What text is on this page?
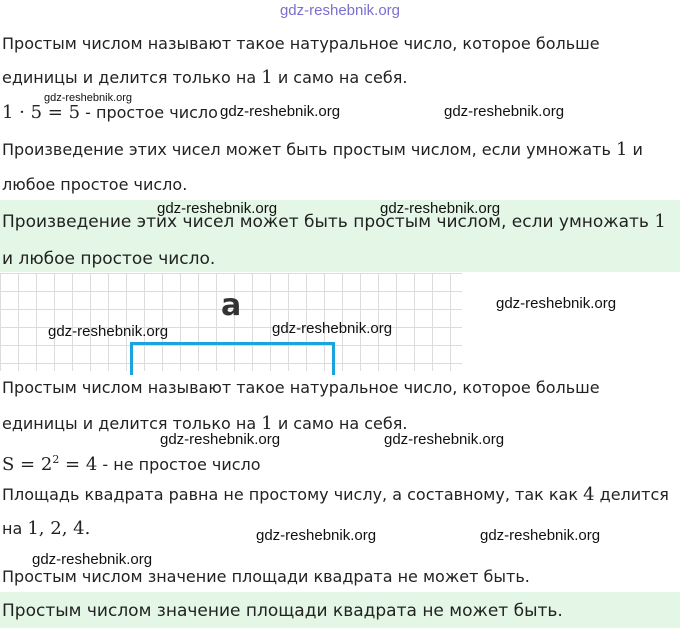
gdz-reshebnik.org
Простым числом называют такое натуральное число, которое больше
единицы и делится только на 1 и само на себя.
1 · 5 = 5 - простое число
Произведение этих чисел может быть простым числом, если умножать 1 и
любое простое число.
Произведение этих чисел может быть простым числом, если умножать 1
и любое простое число.
a
Простым числом называют такое натуральное число, которое больше
единицы и делится только на 1 и само на себя.
$S = 2^2 = 4$ - не простое число
Площадь квадрата равна не простому числу, а составному, так как 4 делится
на 1, 2, 4.
Простым числом значение площади квадрата не может быть.
Простым числом значение площади квадрата не может быть.
gdz-reshebnik.org
gdz-reshebnik.org	gdz-reshebnik.org
gdz-reshebnik.org	gdz-reshebnik.org
gdz-reshebnik.org
gdz-reshebnik.org	gdz-reshebnik.org
gdz-reshebnik.org	gdz-reshebnik.org
gdz-reshebnik.org	gdz-reshebnik.org
gdz-reshebnik.org
